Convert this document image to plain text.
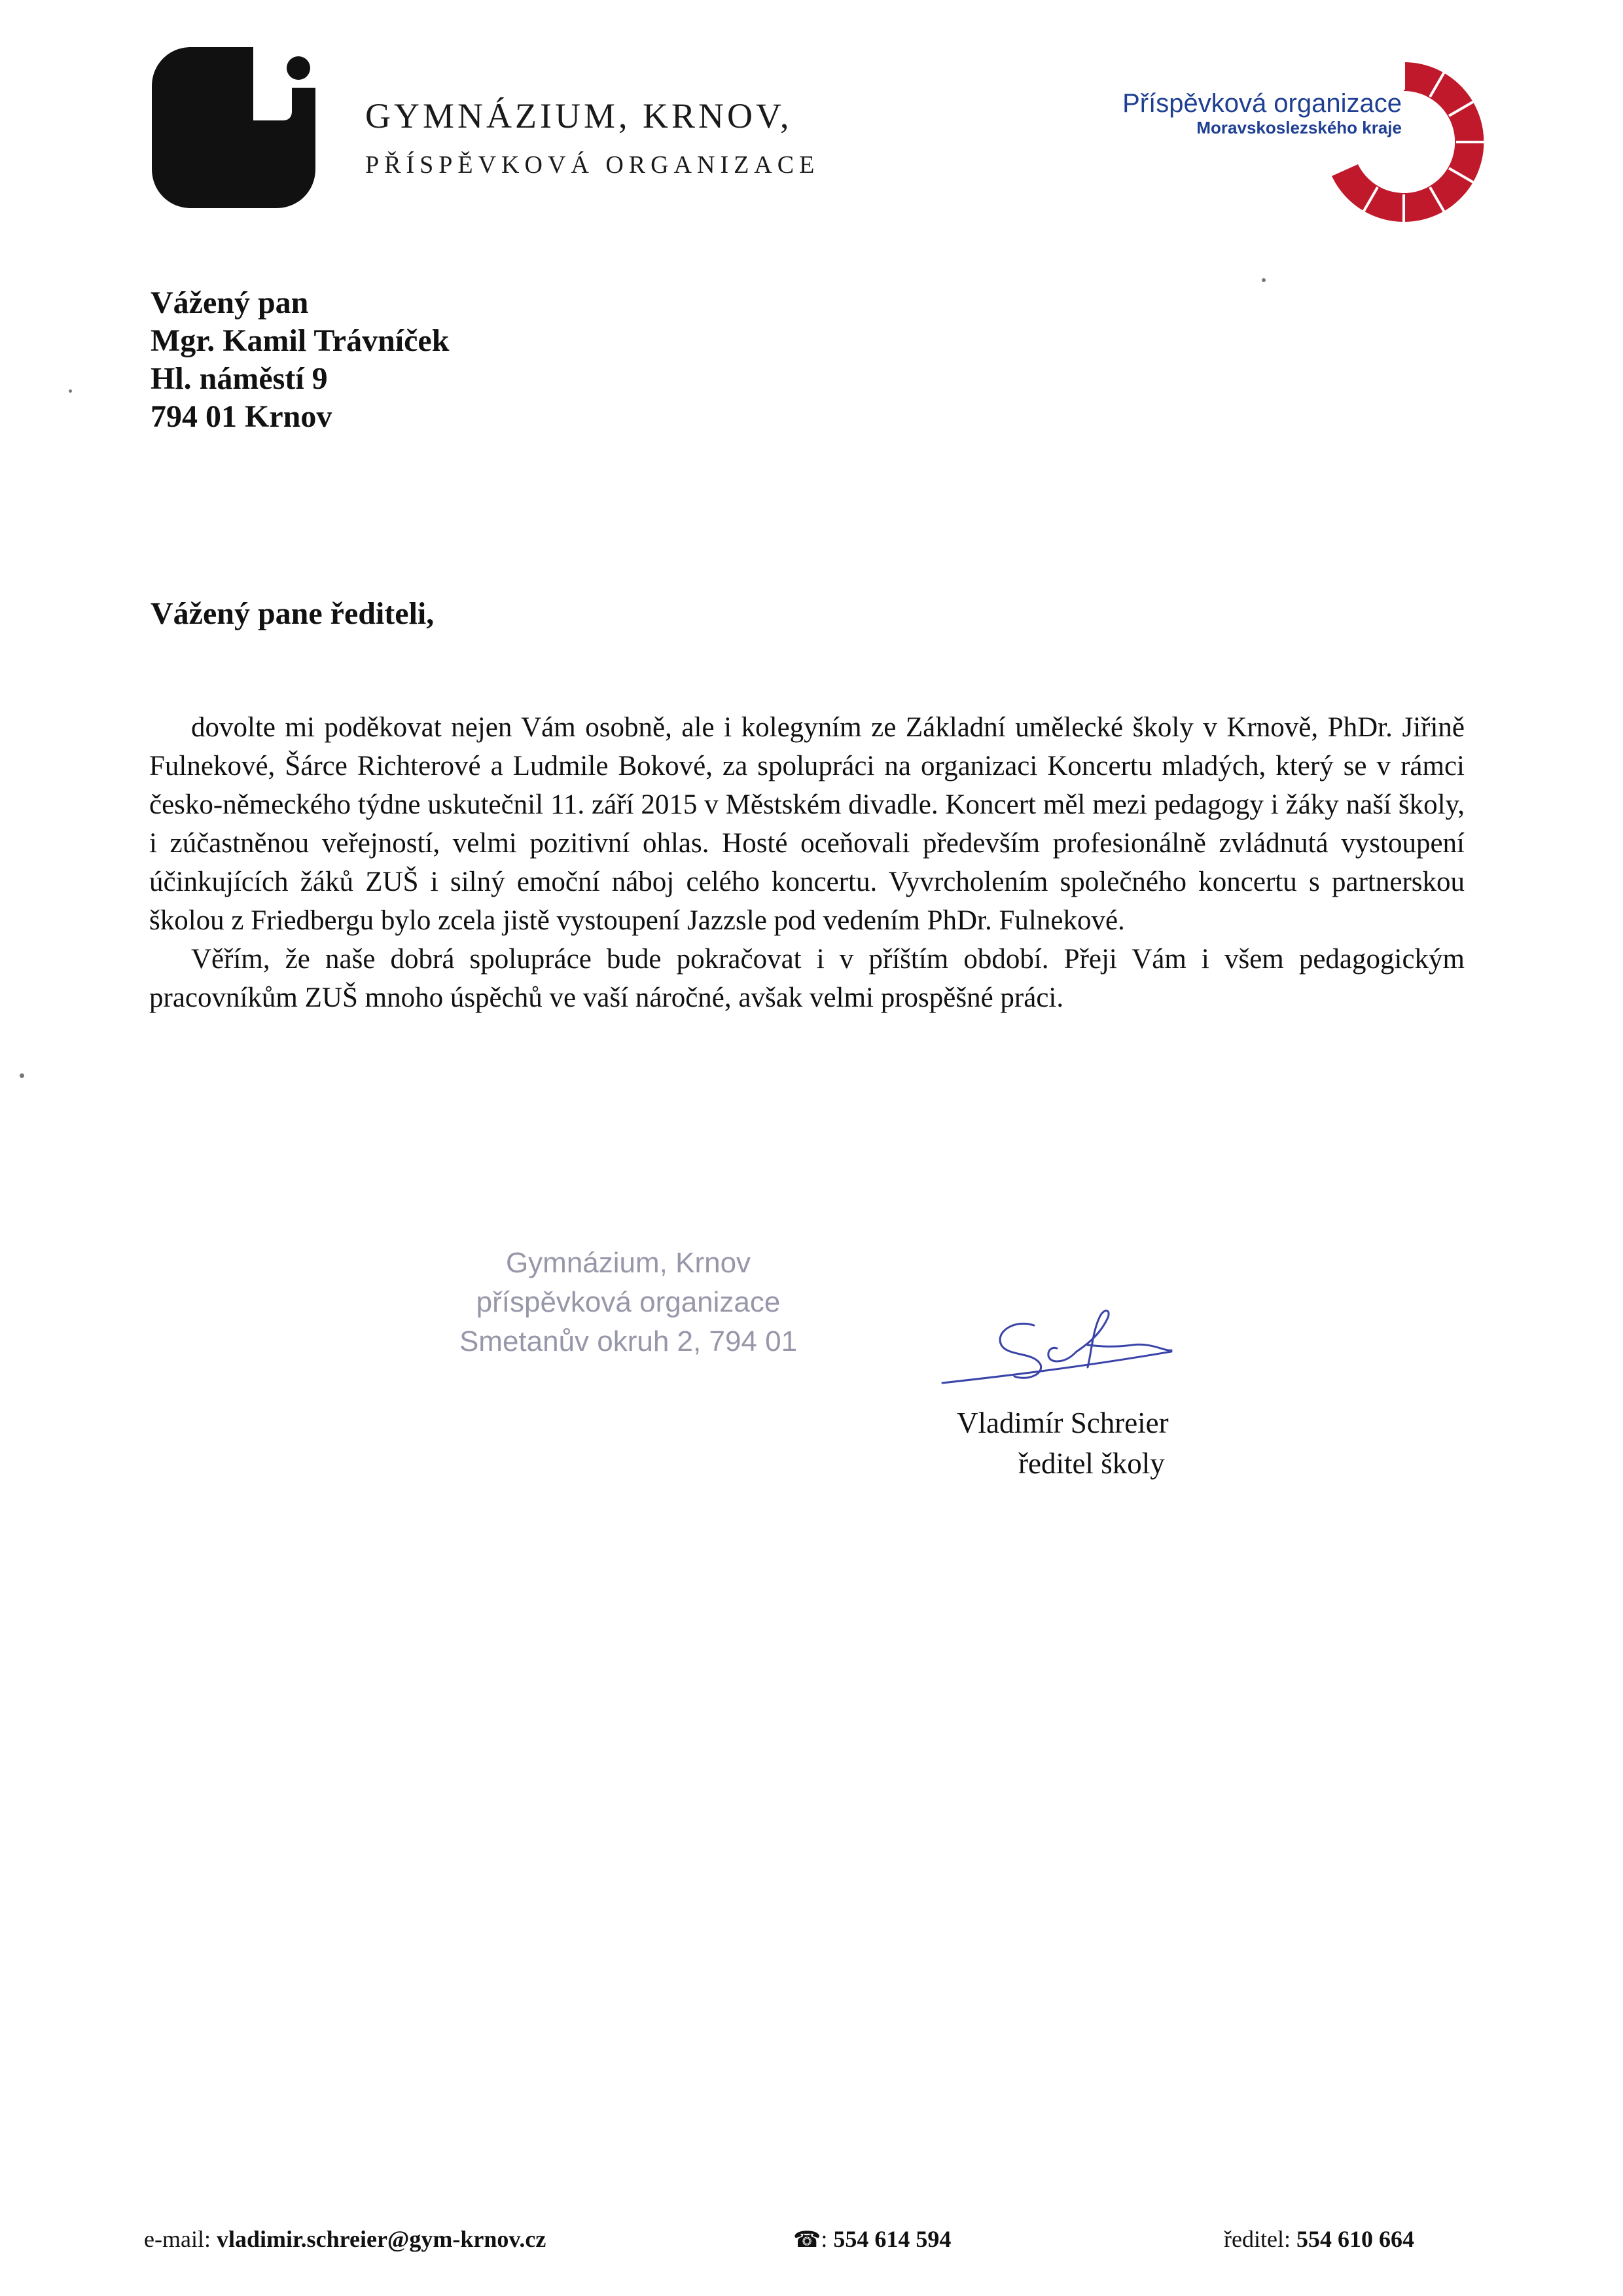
GYMNÁZIUM, KRNOV,
PŘÍSPĚVKOVÁ ORGANIZACE
Příspěvková organizace
Moravskoslezského kraje
Vážený pan
Mgr. Kamil Trávníček
Hl. náměstí 9
794 01 Krnov
Vážený pane řediteli,

dovolte mi poděkovat nejen Vám osobně, ale i kolegyním ze Základní umělecké školy v Krnově, PhDr. Jiřině Fulnekové, Šárce Richterové a Ludmile Bokové, za spolupráci na organizaci Koncertu mladých, který se v rámci česko-německého týdne uskutečnil 11. září 2015 v Městském divadle. Koncert měl mezi pedagogy i žáky naší školy, i zúčastněnou veřejností, velmi pozitivní ohlas. Hosté oceňovali především profesionálně zvládnutá vystoupení účinkujících žáků ZUŠ i silný emoční náboj celého koncertu. Vyvrcholením společného koncertu s partnerskou školou z Friedbergu bylo zcela jistě vystoupení Jazzsle pod vedením PhDr. Fulnekové.

Věřím, že naše dobrá spolupráce bude pokračovat i v příštím období. Přeji Vám i všem pedagogickým pracovníkům ZUŠ mnoho úspěchů ve vaší náročné, avšak velmi prospěšné práci.

Gymnázium, Krnov
příspěvková organizace
Smetanův okruh 2, 794 01
Vladimír Schreier
ředitel školy
e-mail: vladimir.schreier@gym-krnov.cz	☎: 554 614 594	ředitel: 554 610 664
